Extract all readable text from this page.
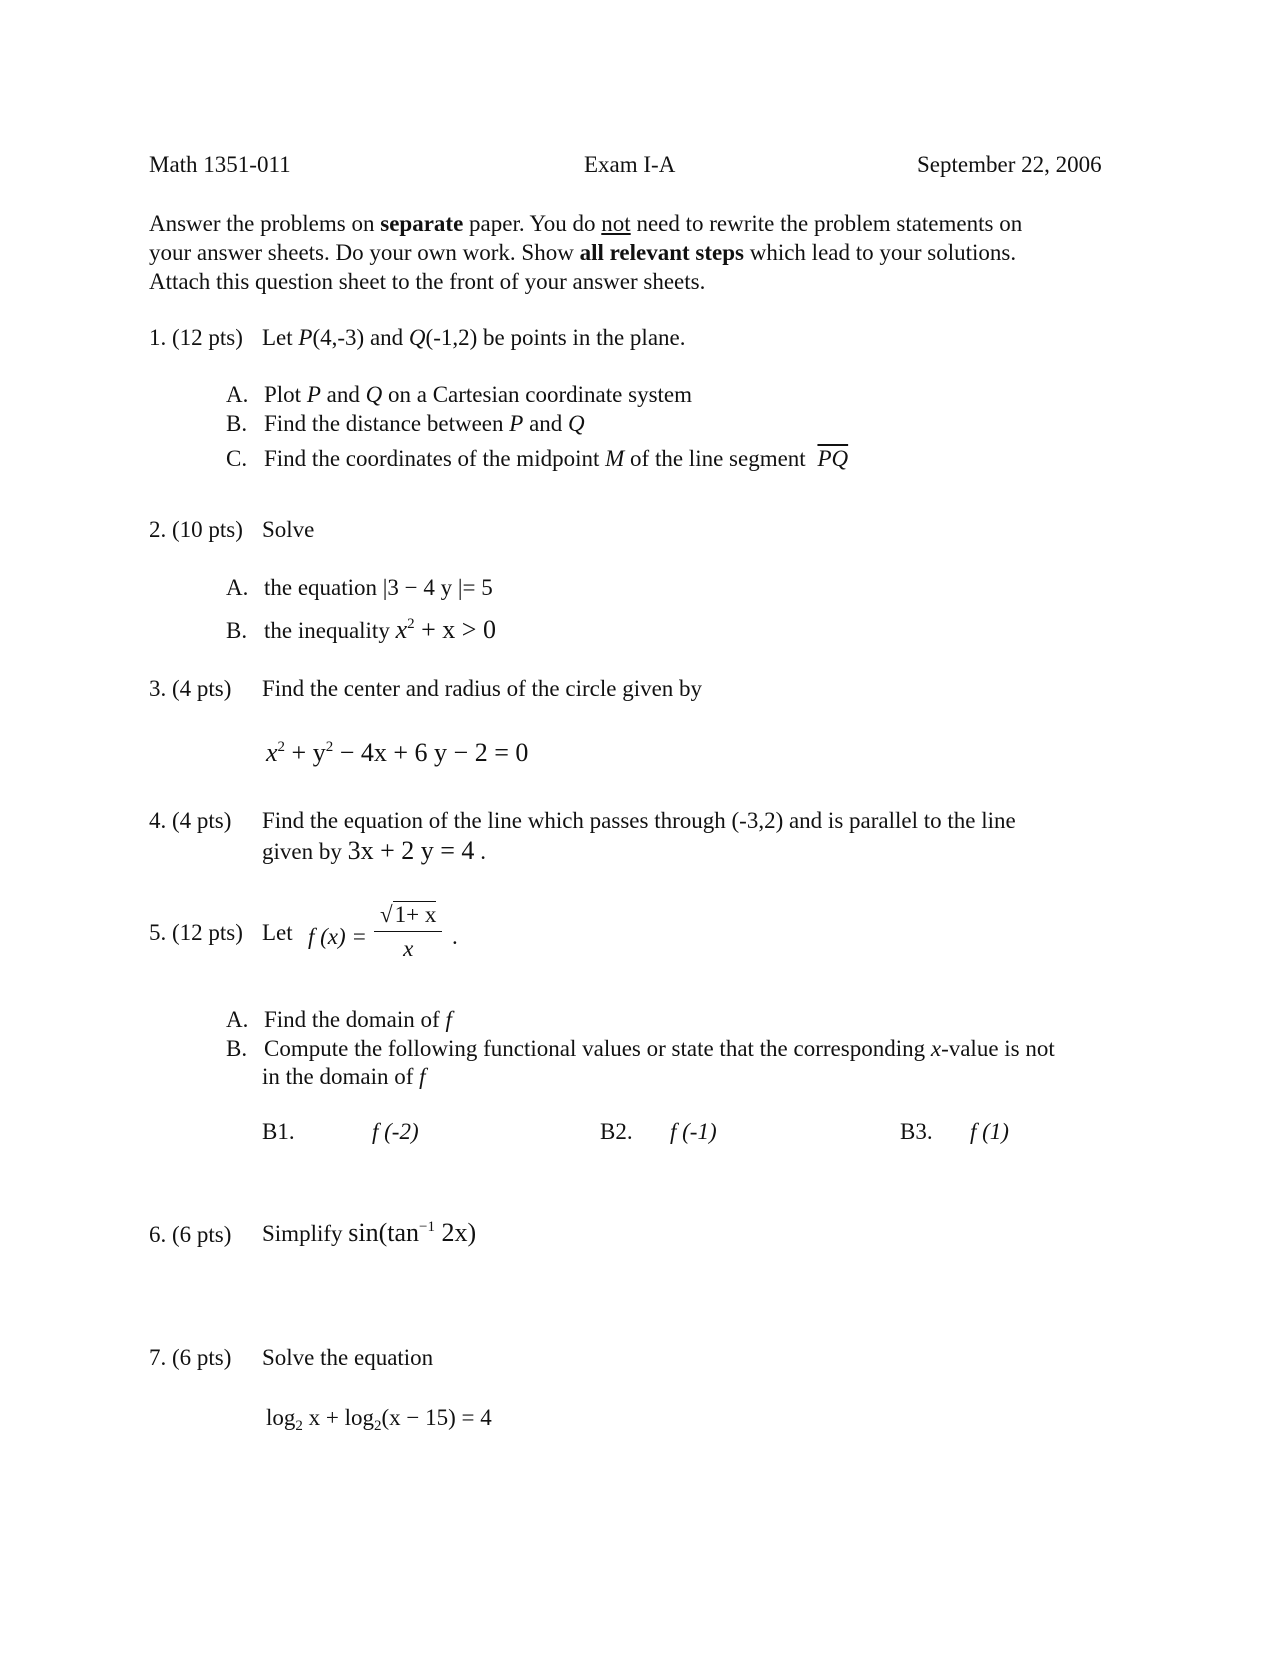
Math 1351-011	Exam I-A	September 22, 2006
Answer the problems on separate paper. You do not need to rewrite the problem statements on
your answer sheets. Do your own work. Show all relevant steps which lead to your solutions.
Attach this question sheet to the front of your answer sheets.
1. (12 pts) Let P(4,-3) and Q(-1,2) be points in the plane.
A. Plot P and Q on a Cartesian coordinate system
B. Find the distance between P and Q
C. Find the coordinates of the midpoint M of the line segment $\overline{PQ}$
2. (10 pts) Solve
A. the equation |3 − 4 y |= 5
B. the inequality $x^2 + x > 0$
3. (4 pts) Find the center and radius of the circle given by
$x^2 + y^2 - 4x + 6$ y − 2 = 0
4. (4 pts) Find the equation of the line which passes through (-3,2) and is parallel to the line
given by 3x + 2 y = 4 .
5. (12 pts) Let f $(x) = \frac{√1+ x}{x}$ .
A. Find the domain of f
B. Compute the following functional values or state that the corresponding x-value is not
in the domain of f
B1.	f (-2)	B2. f (-1)	B3. f (1)
6. (6 pts) Simplify $\sin(\tan^{-1}$ 2x)
7. (6 pts) Solve the equation
$\log_2 x + \log_2(x - 15) = 4$
